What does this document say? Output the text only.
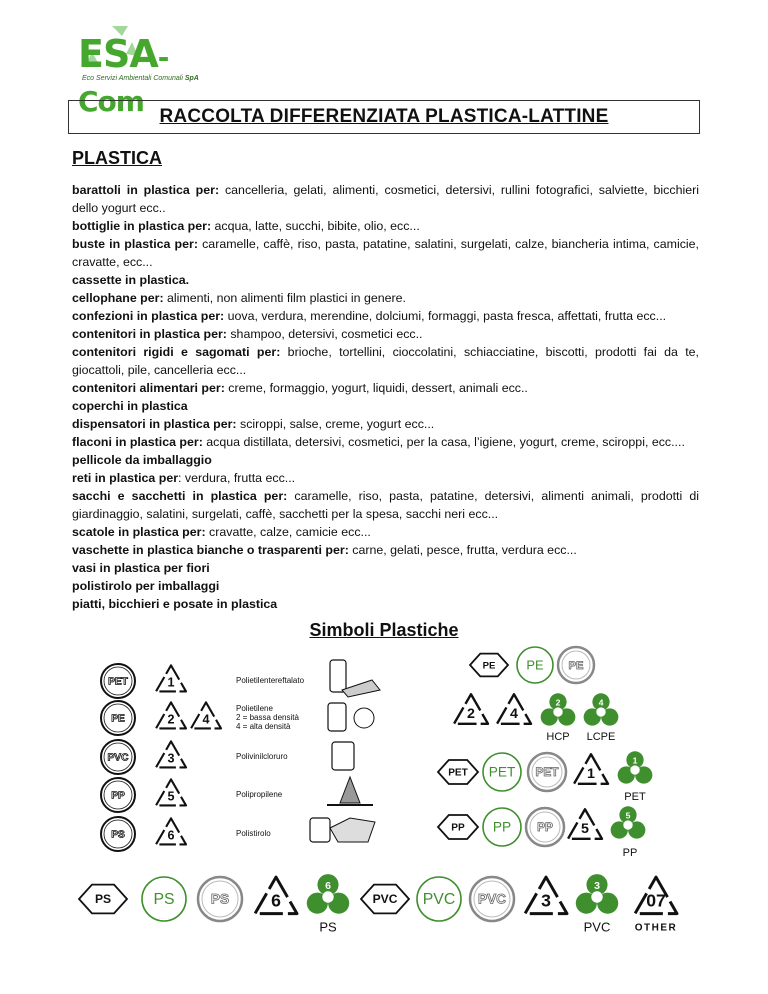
ESA-Com
Eco Servizi Ambientali Comunali SpA
RACCOLTA DIFFERENZIATA PLASTICA-LATTINE
PLASTICA

barattoli in plastica per: cancelleria, gelati, alimenti, cosmetici, detersivi, rullini fotografici, salviette, bicchieri dello yogurt ecc..

bottiglie in plastica per: acqua, latte, succhi, bibite, olio, ecc...

buste in plastica per: caramelle, caffè, riso, pasta, patatine, salatini, surgelati, calze, biancheria intima, camicie, cravatte, ecc...

cassette in plastica.

cellophane per: alimenti, non alimenti film plastici in genere.

confezioni in plastica per: uova, verdura, merendine, dolciumi, formaggi, pasta fresca, affettati, frutta ecc...

contenitori in plastica per: shampoo, detersivi, cosmetici ecc..

contenitori rigidi e sagomati per: brioche, tortellini, cioccolatini, schiacciatine, biscotti, prodotti fai da te, giocattoli, pile, cancelleria ecc...

contenitori alimentari per: creme, formaggio, yogurt, liquidi, dessert, animali ecc..

coperchi in plastica

dispensatori in plastica per: sciroppi, salse, creme, yogurt ecc...

flaconi in plastica per: acqua distillata, detersivi, cosmetici, per la casa, l’igiene, yogurt, creme, sciroppi, ecc....

pellicole da imballaggio

reti in plastica per: verdura, frutta ecc...

sacchi e sacchetti in plastica per: caramelle, riso, pasta, patatine, detersivi, alimenti animali, prodotti di giardinaggio, salatini, surgelati, caffè, sacchetti per la spesa, sacchi neri ecc...

scatole in plastica per: cravatte, calze, camicie ecc...

vaschette in plastica bianche o trasparenti per: carne, gelati, pesce, frutta, verdura ecc...

vasi in plastica per fiori

polistirolo per imballaggi

piatti, bicchieri e posate in plastica

Simboli Plastiche
PET	1	Polietilentereftalato
PE	2 4
Polietilene
2 = bassa densità
4 = alta densità
PVC	3	Polivinilcloruro
PP	5	Polipropilene
PS	6	Polistirolo
PE PE PE
2 4
2	4
HCP LCPE
PET PET PET 1
1
PET
PP PP PP 5
5
PP
PS	PS	PS 6
6
PS
PVC PVC PVC 3
3
PVC
07
OTHER
